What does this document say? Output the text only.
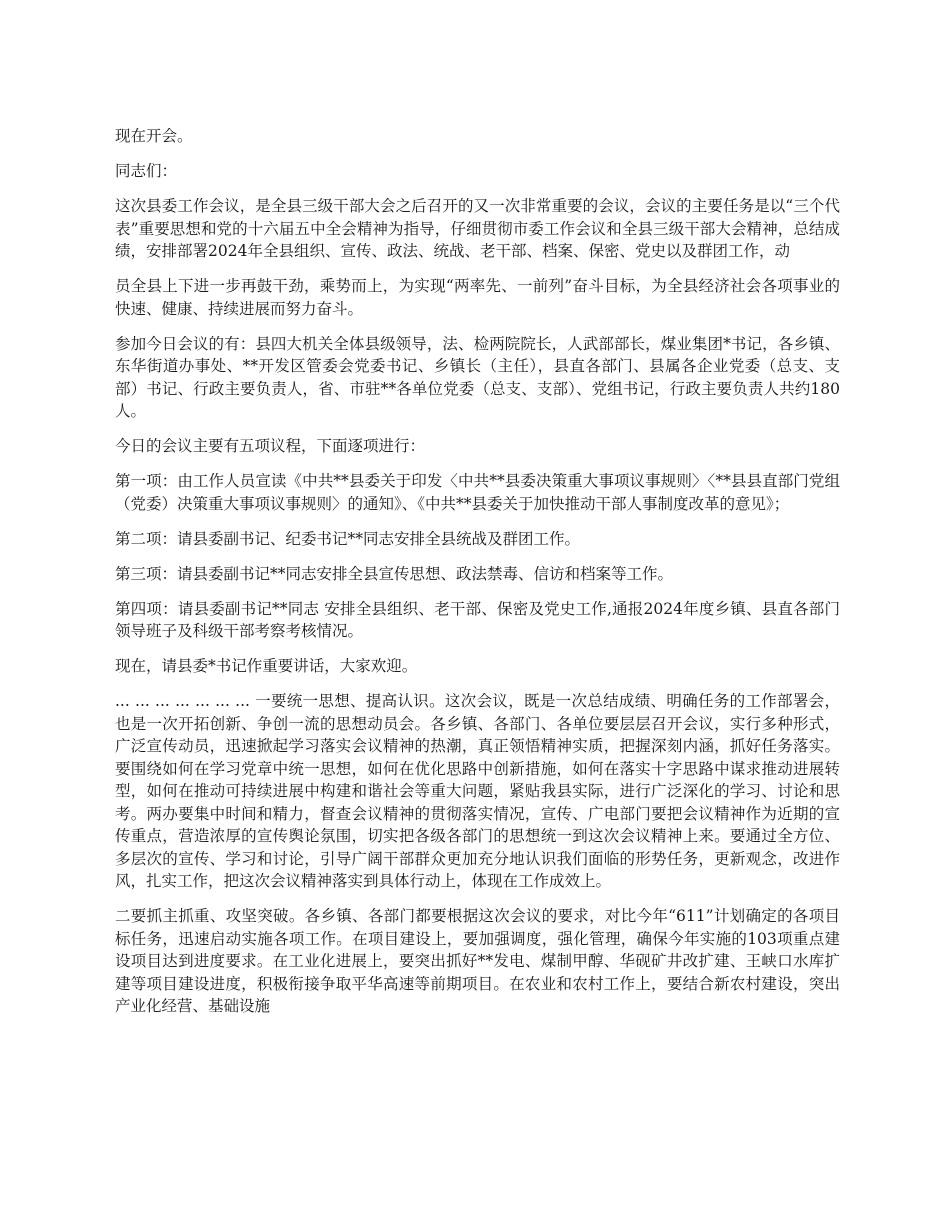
现在开会。

同志们：

这次县委工作会议，是全县三级干部大会之后召开的又一次非常重要的会议，会议的主要任务是以“三个代表”重要思想和党的十六届五中全会精神为指导，仔细贯彻市委工作会议和全县三级干部大会精神，总结成绩，安排部署2024年全县组织、宣传、政法、统战、老干部、档案、保密、党史以及群团工作，动

员全县上下进一步再鼓干劲，乘势而上，为实现“两率先、一前列”奋斗目标，为全县经济社会各项事业的快速、健康、持续进展而努力奋斗。

参加今日会议的有：县四大机关全体县级领导，法、检两院院长，人武部部长，煤业集团*书记，各乡镇、东华街道办事处、**开发区管委会党委书记、乡镇长（主任），县直各部门、县属各企业党委（总支、支部）书记、行政主要负责人，省、市驻**各单位党委（总支、支部）、党组书记，行政主要负责人共约180人。

今日的会议主要有五项议程，下面逐项进行：

第一项：由工作人员宣读《中共**县委关于印发〈中共**县委决策重大事项议事规则〉〈**县县直部门党组（党委）决策重大事项议事规则〉的通知》、《中共**县委关于加快推动干部人事制度改革的意见》；

第二项：请县委副书记、纪委书记**同志安排全县统战及群团工作。

第三项：请县委副书记**同志安排全县宣传思想、政法禁毒、信访和档案等工作。

第四项：请县委副书记**同志 安排全县组织、老干部、保密及党史工作,通报2024年度乡镇、县直各部门领导班子及科级干部考察考核情况。

现在，请县委*书记作重要讲话，大家欢迎。

... ... ... ... ... ... ... 一要统一思想、提高认识。这次会议，既是一次总结成绩、明确任务的工作部署会，也是一次开拓创新、争创一流的思想动员会。各乡镇、各部门、各单位要层层召开会议，实行多种形式，广泛宣传动员，迅速掀起学习落实会议精神的热潮，真正领悟精神实质，把握深刻内涵，抓好任务落实。要围绕如何在学习党章中统一思想，如何在优化思路中创新措施，如何在落实十字思路中谋求推动进展转型，如何在推动可持续进展中构建和谐社会等重大问题，紧贴我县实际，进行广泛深化的学习、讨论和思考。两办要集中时间和精力，督查会议精神的贯彻落实情况，宣传、广电部门要把会议精神作为近期的宣传重点，营造浓厚的宣传舆论氛围，切实把各级各部门的思想统一到这次会议精神上来。要通过全方位、多层次的宣传、学习和讨论，引导广阔干部群众更加充分地认识我们面临的形势任务，更新观念，改进作风，扎实工作，把这次会议精神落实到具体行动上，体现在工作成效上。

二要抓主抓重、攻坚突破。各乡镇、各部门都要根据这次会议的要求，对比今年“611”计划确定的各项目标任务，迅速启动实施各项工作。在项目建设上，要加强调度，强化管理，确保今年实施的103项重点建设项目达到进度要求。在工业化进展上，要突出抓好**发电、煤制甲醇、华砚矿井改扩建、王峡口水库扩建等项目建设进度，积极衔接争取平华高速等前期项目。在农业和农村工作上，要结合新农村建设，突出产业化经营、基础设施
